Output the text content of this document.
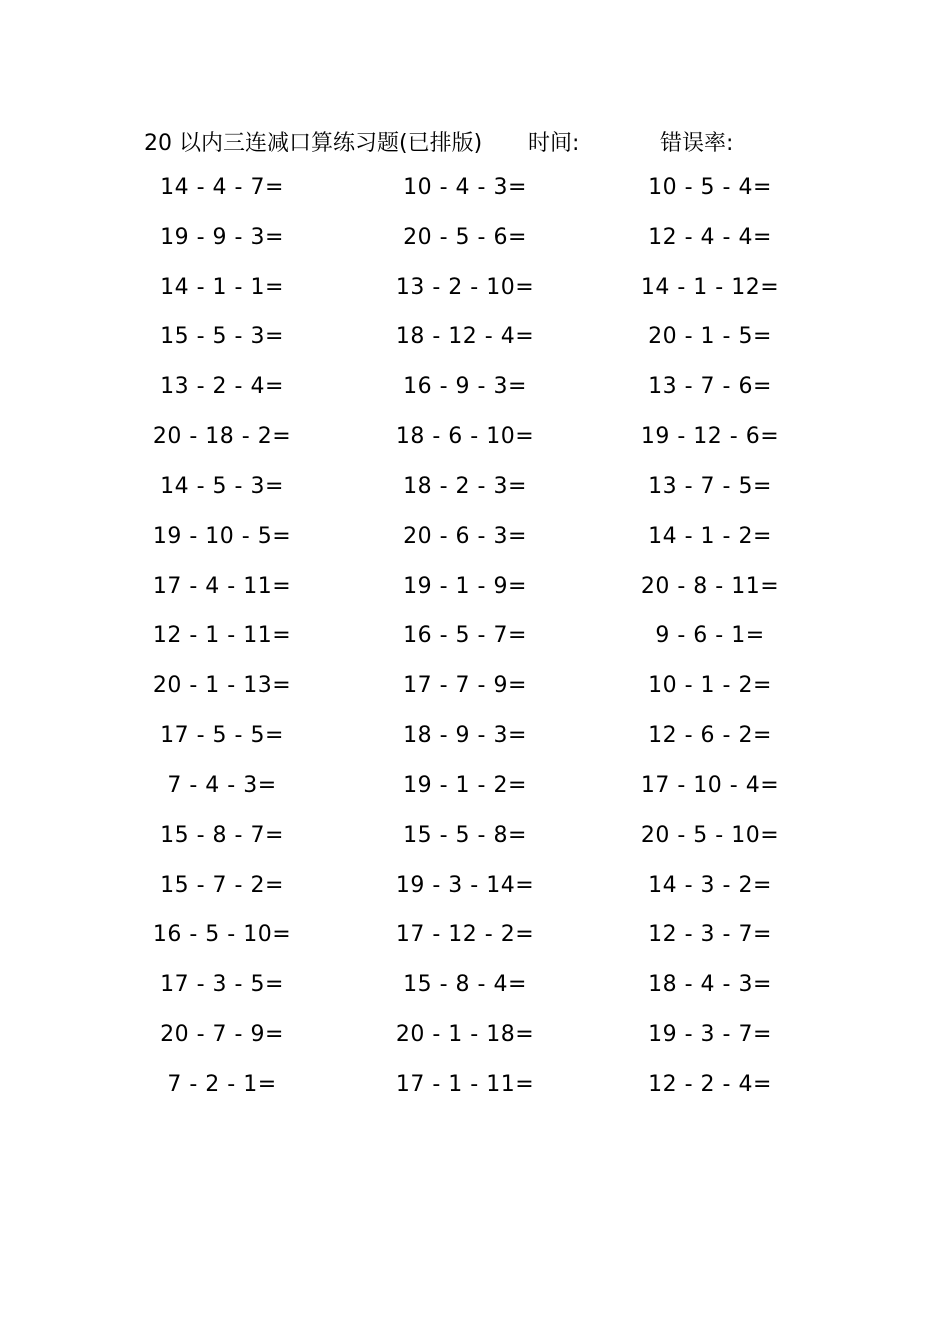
20 以内三连减口算练习题(已排版) 时间:	错误率:
14 - 4 - 7=	10 - 4 - 3=	10 - 5 - 4=
19 - 9 - 3=	20 - 5 - 6=	12 - 4 - 4=
14 - 1 - 1=	13 - 2 - 10=	14 - 1 - 12=
15 - 5 - 3=	18 - 12 - 4=	20 - 1 - 5=
13 - 2 - 4=	16 - 9 - 3=	13 - 7 - 6=
20 - 18 - 2=	18 - 6 - 10=	19 - 12 - 6=
14 - 5 - 3=	18 - 2 - 3=	13 - 7 - 5=
19 - 10 - 5=	20 - 6 - 3=	14 - 1 - 2=
17 - 4 - 11=	19 - 1 - 9=	20 - 8 - 11=
12 - 1 - 11=	16 - 5 - 7=	9 - 6 - 1=
20 - 1 - 13=	17 - 7 - 9=	10 - 1 - 2=
17 - 5 - 5=	18 - 9 - 3=	12 - 6 - 2=
7 - 4 - 3=	19 - 1 - 2=	17 - 10 - 4=
15 - 8 - 7=	15 - 5 - 8=	20 - 5 - 10=
15 - 7 - 2=	19 - 3 - 14=	14 - 3 - 2=
16 - 5 - 10=	17 - 12 - 2=	12 - 3 - 7=
17 - 3 - 5=	15 - 8 - 4=	18 - 4 - 3=
20 - 7 - 9=	20 - 1 - 18=	19 - 3 - 7=
7 - 2 - 1=	17 - 1 - 11=	12 - 2 - 4=
